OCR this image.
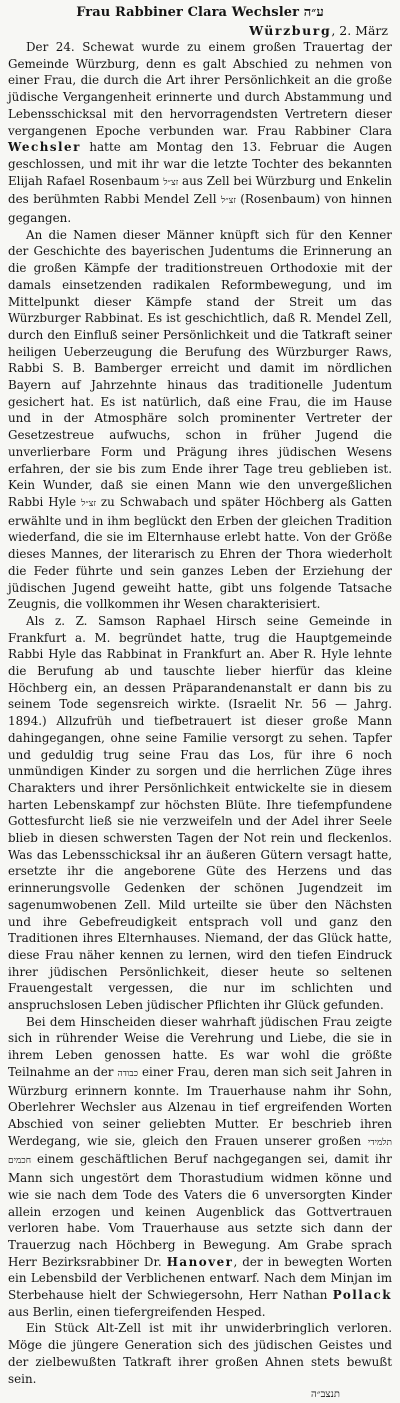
Frau Rabbiner Clara Wechsler ע״ה

Würzburg, 2. März

Der 24. Schewat wurde zu einem großen Trauertag der Gemeinde Würzburg, denn es galt Abschied zu nehmen von einer Frau, die durch die Art ihrer Persönlichkeit an die große jüdische Vergangenheit erinnerte und durch Abstammung und Lebensschicksal mit den hervorragendsten Vertretern dieser vergangenen Epoche verbunden war. Frau Rabbiner Clara Wechsler hatte am Montag den 13. Februar die Augen geschlossen, und mit ihr war die letzte Tochter des bekannten Elijah Rafael Rosenbaum זצ״ל aus Zell bei Würzburg und Enkelin des berühmten Rabbi Mendel Zell זצ״ל (Rosenbaum) von hinnen gegangen.

An die Namen dieser Männer knüpft sich für den Kenner der Geschichte des bayerischen Judentums die Erinnerung an die großen Kämpfe der traditionstreuen Orthodoxie mit der damals einsetzenden radikalen Reformbewegung, und im Mittelpunkt dieser Kämpfe stand der Streit um das Würzburger Rabbinat. Es ist geschichtlich, daß R. Mendel Zell, durch den Einfluß seiner Persönlichkeit und die Tatkraft seiner heiligen Ueberzeugung die Berufung des Würzburger Raws, Rabbi S. B. Bamberger erreicht und damit im nördlichen Bayern auf Jahrzehnte hinaus das traditionelle Judentum gesichert hat. Es ist natürlich, daß eine Frau, die im Hause und in der Atmosphäre solch prominenter Vertreter der Gesetzestreue aufwuchs, schon in früher Jugend die unverlierbare Form und Prägung ihres jüdischen Wesens erfahren, der sie bis zum Ende ihrer Tage treu geblieben ist. Kein Wunder, daß sie einen Mann wie den unvergeßlichen Rabbi Hyle זצ״ל zu Schwabach und später Höchberg als Gatten erwählte und in ihm beglückt den Erben der gleichen Tradition wiederfand, die sie im Elternhause erlebt hatte. Von der Größe dieses Mannes, der literarisch zu Ehren der Thora wiederholt die Feder führte und sein ganzes Leben der Erziehung der jüdischen Jugend geweiht hatte, gibt uns folgende Tatsache Zeugnis, die vollkommen ihr Wesen charakterisiert.

Als z. Z. Samson Raphael Hirsch seine Gemeinde in Frankfurt a. M. begründet hatte, trug die Hauptgemeinde Rabbi Hyle das Rabbinat in Frankfurt an. Aber R. Hyle lehnte die Berufung ab und tauschte lieber hierfür das kleine Höchberg ein, an dessen Präparandenanstalt er dann bis zu seinem Tode segensreich wirkte. (Israelit Nr. 56 — Jahrg. 1894.) Allzufrüh und tiefbetrauert ist dieser große Mann dahingegangen, ohne seine Familie versorgt zu sehen. Tapfer und geduldig trug seine Frau das Los, für ihre 6 noch unmündigen Kinder zu sorgen und die herrlichen Züge ihres Charakters und ihrer Persönlichkeit entwickelte sie in diesem harten Lebenskampf zur höchsten Blüte. Ihre tiefempfundene Gottesfurcht ließ sie nie verzweifeln und der Adel ihrer Seele blieb in diesen schwersten Tagen der Not rein und fleckenlos. Was das Lebensschicksal ihr an äußeren Gütern versagt hatte, ersetzte ihr die angeborene Güte des Herzens und das erinnerungsvolle Gedenken der schönen Jugendzeit im sagenumwobenen Zell. Mild urteilte sie über den Nächsten und ihre Gebefreudigkeit entsprach voll und ganz den Traditionen ihres Elternhauses. Niemand, der das Glück hatte, diese Frau näher kennen zu lernen, wird den tiefen Eindruck ihrer jüdischen Persönlichkeit, dieser heute so seltenen Frauengestalt vergessen, die nur im schlichten und anspruchslosen Leben jüdischer Pflichten ihr Glück gefunden.

Bei dem Hinscheiden dieser wahrhaft jüdischen Frau zeigte sich in rührender Weise die Verehrung und Liebe, die sie in ihrem Leben genossen hatte. Es war wohl die größte Teilnahme an der כבודה einer Frau, deren man sich seit Jahren in Würzburg erinnern konnte. Im Trauerhause nahm ihr Sohn, Oberlehrer Wechsler aus Alzenau in tief ergreifenden Worten Abschied von seiner geliebten Mutter. Er beschrieb ihren Werdegang, wie sie, gleich den Frauen unserer großen תלמידי חכמים einem geschäftlichen Beruf nachgegangen sei, damit ihr Mann sich ungestört dem Thorastudium widmen könne und wie sie nach dem Tode des Vaters die 6 unversorgten Kinder allein erzogen und keinen Augenblick das Gottvertrauen verloren habe. Vom Trauerhause aus setzte sich dann der Trauerzug nach Höchberg in Bewegung. Am Grabe sprach Herr Bezirksrabbiner Dr. Hanover, der in bewegten Worten ein Lebensbild der Verblichenen entwarf. Nach dem Minjan im Sterbehause hielt der Schwiegersohn, Herr Nathan Pollack aus Berlin, einen tiefergreifenden Hesped.

Ein Stück Alt-Zell ist mit ihr unwiderbringlich verloren. Möge die jüngere Generation sich des jüdischen Geistes und der zielbewußten Tatkraft ihrer großen Ahnen stets bewußt sein.

תנצב״ה
